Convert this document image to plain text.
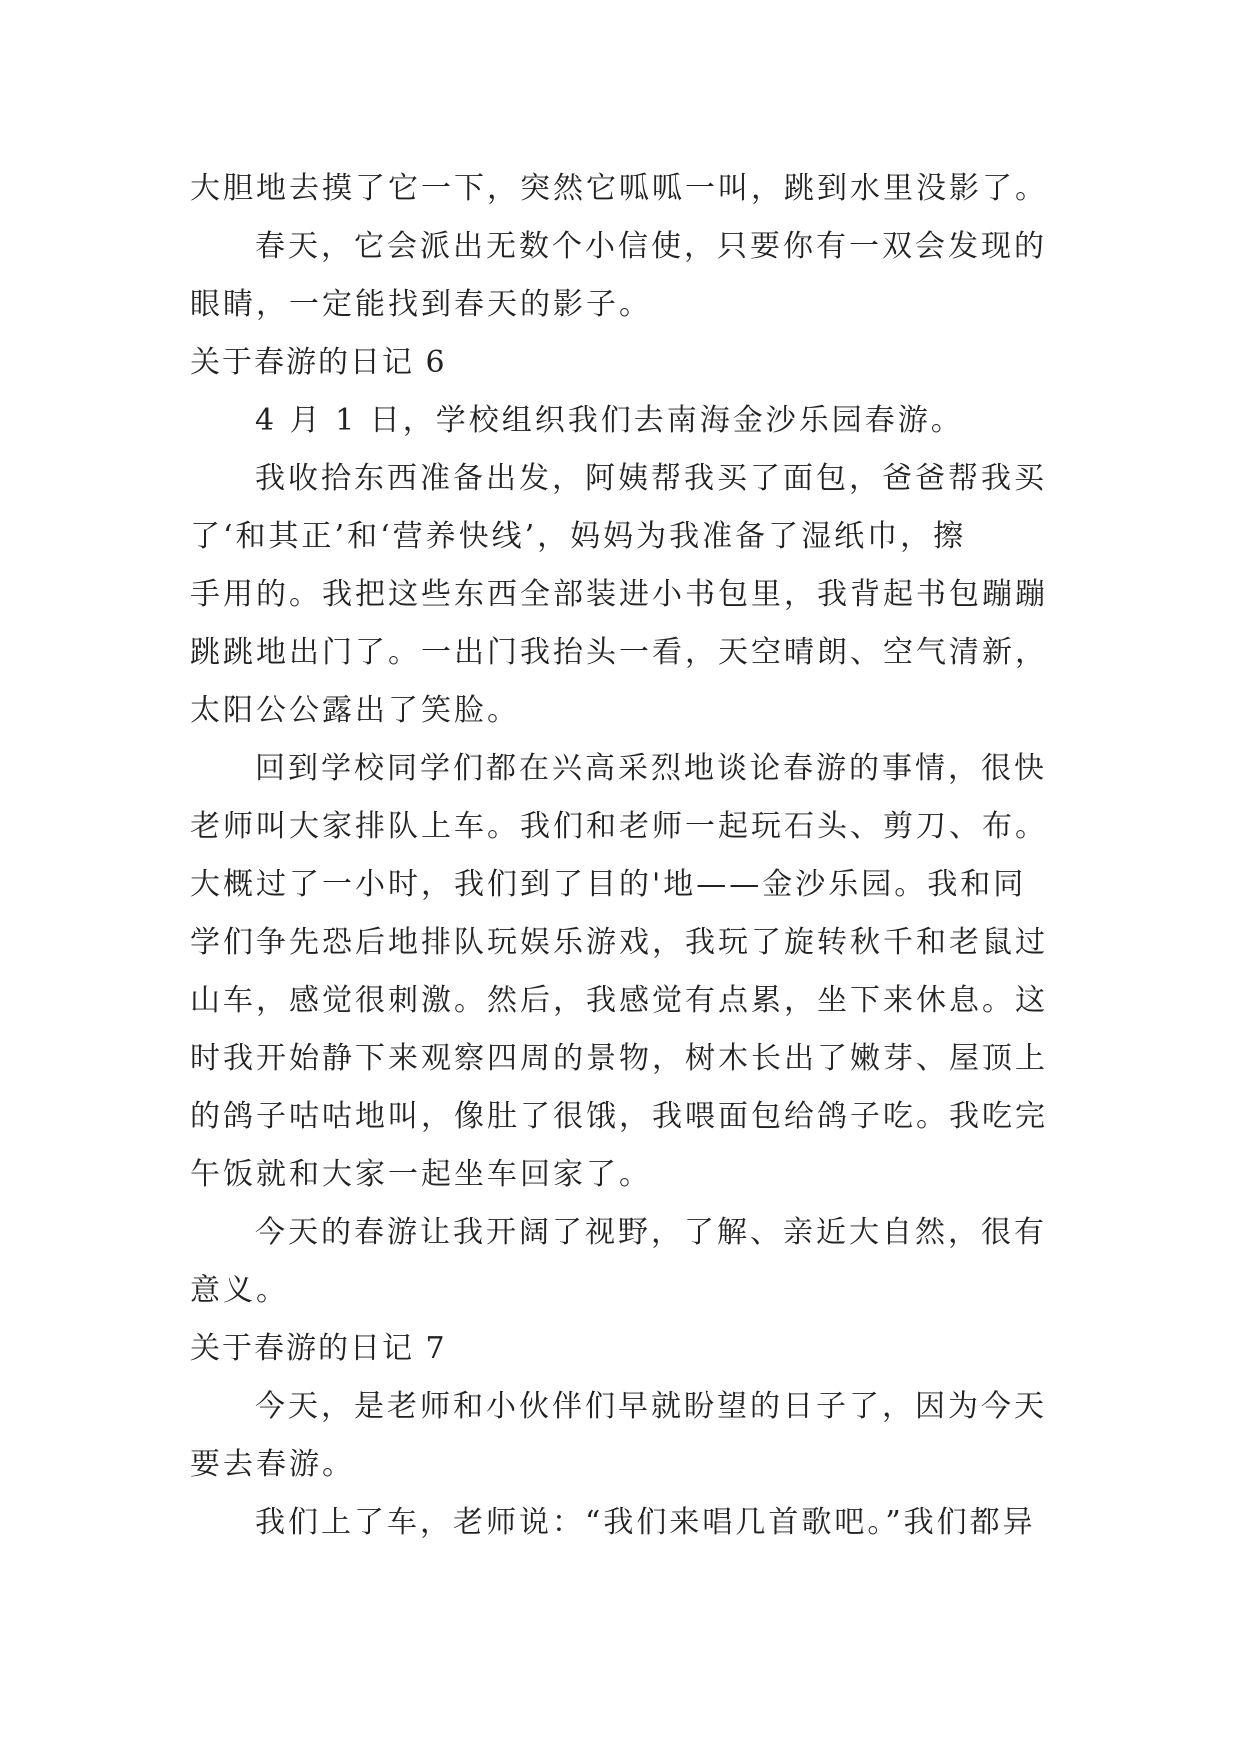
大胆地去摸了它一下，突然它呱呱一叫，跳到水里没影了。
春天，它会派出无数个小信使，只要你有一双会发现的
眼睛，一定能找到春天的影子。
关于春游的日记 6
4 月 1 日，学校组织我们去南海金沙乐园春游。
我收拾东西准备出发，阿姨帮我买了面包，爸爸帮我买
了‘和其正’和‘营养快线’，妈妈为我准备了湿纸巾，擦
手用的。我把这些东西全部装进小书包里，我背起书包蹦蹦
跳跳地出门了。一出门我抬头一看，天空晴朗、空气清新，
太阳公公露出了笑脸。
回到学校同学们都在兴高采烈地谈论春游的事情，很快
老师叫大家排队上车。我们和老师一起玩石头、剪刀、布。
大概过了一小时，我们到了目的'地——金沙乐园。我和同
学们争先恐后地排队玩娱乐游戏，我玩了旋转秋千和老鼠过
山车，感觉很刺激。然后，我感觉有点累，坐下来休息。这
时我开始静下来观察四周的景物，树木长出了嫩芽、屋顶上
的鸽子咕咕地叫，像肚了很饿，我喂面包给鸽子吃。我吃完
午饭就和大家一起坐车回家了。
今天的春游让我开阔了视野，了解、亲近大自然，很有
意义。
关于春游的日记 7
今天，是老师和小伙伴们早就盼望的日子了，因为今天
要去春游。
我们上了车，老师说：“我们来唱几首歌吧。”我们都异
